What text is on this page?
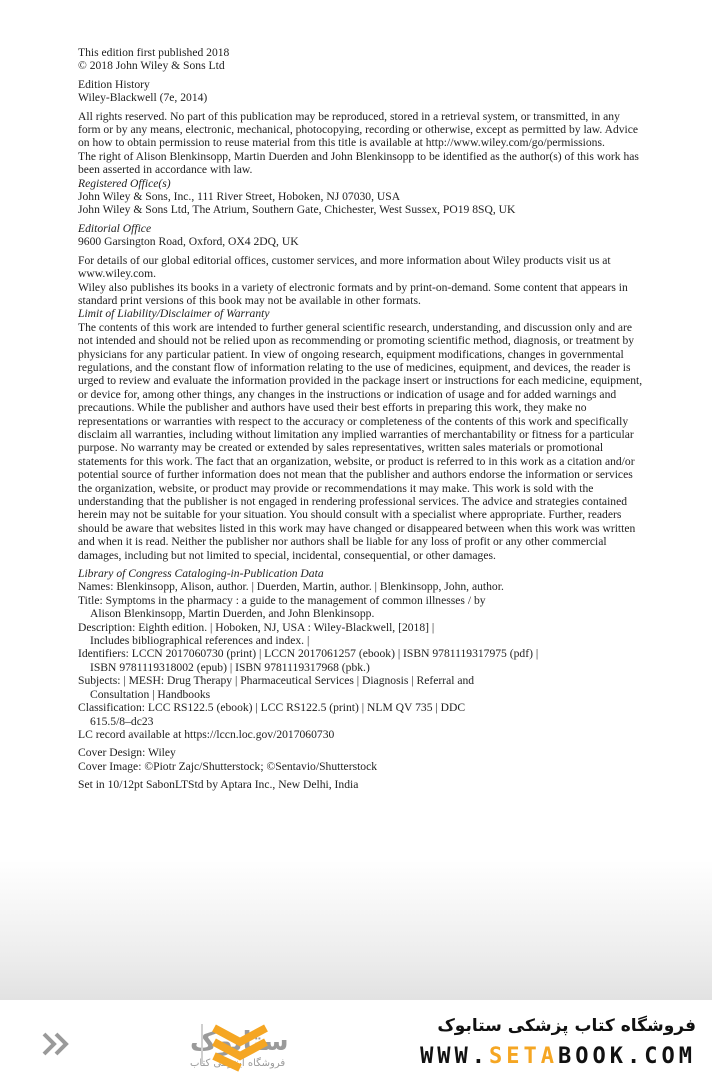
This edition first published 2018

© 2018 John Wiley & Sons Ltd

Edition History

Wiley-Blackwell (7e, 2014)

All rights reserved. No part of this publication may be reproduced, stored in a retrieval system, or transmitted, in any form or by any means, electronic, mechanical, photocopying, recording or otherwise, except as permitted by law. Advice on how to obtain permission to reuse material from this title is available at http://www.wiley.com/go/permissions.

The right of Alison Blenkinsopp, Martin Duerden and John Blenkinsopp to be identified as the author(s) of this work has been asserted in accordance with law.

Registered Office(s)

John Wiley & Sons, Inc., 111 River Street, Hoboken, NJ 07030, USA

John Wiley & Sons Ltd, The Atrium, Southern Gate, Chichester, West Sussex, PO19 8SQ, UK

Editorial Office

9600 Garsington Road, Oxford, OX4 2DQ, UK

For details of our global editorial offices, customer services, and more information about Wiley products visit us at www.wiley.com.

Wiley also publishes its books in a variety of electronic formats and by print-on-demand. Some content that appears in standard print versions of this book may not be available in other formats.

Limit of Liability/Disclaimer of Warranty

The contents of this work are intended to further general scientific research, understanding, and discussion only and are not intended and should not be relied upon as recommending or promoting scientific method, diagnosis, or treatment by physicians for any particular patient. In view of ongoing research, equipment modifications, changes in governmental regulations, and the constant flow of information relating to the use of medicines, equipment, and devices, the reader is urged to review and evaluate the information provided in the package insert or instructions for each medicine, equipment, or device for, among other things, any changes in the instructions or indication of usage and for added warnings and precautions. While the publisher and authors have used their best efforts in preparing this work, they make no representations or warranties with respect to the accuracy or completeness of the contents of this work and specifically disclaim all warranties, including without limitation any implied warranties of merchantability or fitness for a particular purpose. No warranty may be created or extended by sales representatives, written sales materials or promotional statements for this work. The fact that an organization, website, or product is referred to in this work as a citation and/or potential source of further information does not mean that the publisher and authors endorse the information or services the organization, website, or product may provide or recommendations it may make. This work is sold with the understanding that the publisher is not engaged in rendering professional services. The advice and strategies contained herein may not be suitable for your situation. You should consult with a specialist where appropriate. Further, readers should be aware that websites listed in this work may have changed or disappeared between when this work was written and when it is read. Neither the publisher nor authors shall be liable for any loss of profit or any other commercial damages, including but not limited to special, incidental, consequential, or other damages.

Library of Congress Cataloging-in-Publication Data

Names: Blenkinsopp, Alison, author. | Duerden, Martin, author. | Blenkinsopp, John, author.

Title: Symptoms in the pharmacy : a guide to the management of common illnesses / by

Alison Blenkinsopp, Martin Duerden, and John Blenkinsopp.

Description: Eighth edition. | Hoboken, NJ, USA : Wiley-Blackwell, [2018] |

Includes bibliographical references and index. |

Identifiers: LCCN 2017060730 (print) | LCCN 2017061257 (ebook) | ISBN 9781119317975 (pdf) |

ISBN 9781119318002 (epub) | ISBN 9781119317968 (pbk.)

Subjects: | MESH: Drug Therapy | Pharmaceutical Services | Diagnosis | Referral and

Consultation | Handbooks

Classification: LCC RS122.5 (ebook) | LCC RS122.5 (print) | NLM QV 735 | DDC

615.5/8–dc23

LC record available at https://lccn.loc.gov/2017060730

Cover Design: Wiley

Cover Image: ©Piotr Zajc/Shutterstock; ©Sentavio/Shutterstock

Set in 10/12pt SabonLTStd by Aptara Inc., New Delhi, India

ستابوک
فروشگاه اینترنتی کتاب
فروشگاه کتاب پزشکی ستابوک
WWW.SETABOOK.COM
